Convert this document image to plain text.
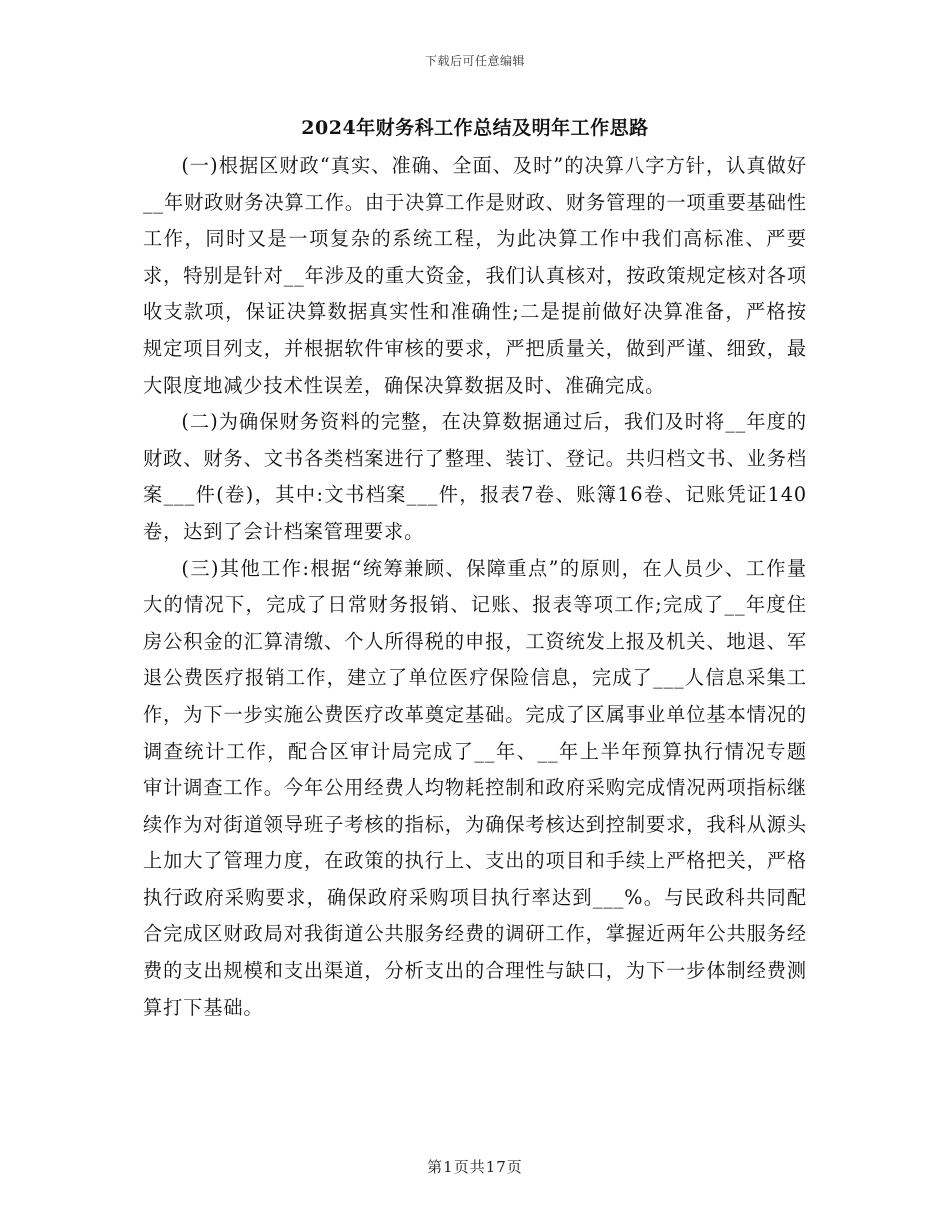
下载后可任意编辑
2024年财务科工作总结及明年工作思路

(一)根据区财政“真实、准确、全面、及时”的决算八字方针，认真做好__年财政财务决算工作。由于决算工作是财政、财务管理的一项重要基础性工作，同时又是一项复杂的系统工程，为此决算工作中我们高标准、严要求，特别是针对__年涉及的重大资金，我们认真核对，按政策规定核对各项收支款项，保证决算数据真实性和准确性;二是提前做好决算准备，严格按规定项目列支，并根据软件审核的要求，严把质量关，做到严谨、细致，最大限度地减少技术性误差，确保决算数据及时、准确完成。

(二)为确保财务资料的完整，在决算数据通过后，我们及时将__年度的财政、财务、文书各类档案进行了整理、装订、登记。共归档文书、业务档案___件(卷)，其中:文书档案___件，报表7卷、账簿16卷、记账凭证140卷，达到了会计档案管理要求。

(三)其他工作:根据“统筹兼顾、保障重点”的原则，在人员少、工作量大的情况下，完成了日常财务报销、记账、报表等项工作;完成了__年度住房公积金的汇算清缴、个人所得税的申报，工资统发上报及机关、地退、军退公费医疗报销工作，建立了单位医疗保险信息，完成了___人信息采集工作，为下一步实施公费医疗改革奠定基础。完成了区属事业单位基本情况的调查统计工作，配合区审计局完成了__年、__年上半年预算执行情况专题审计调查工作。今年公用经费人均物耗控制和政府采购完成情况两项指标继续作为对街道领导班子考核的指标，为确保考核达到控制要求，我科从源头上加大了管理力度，在政策的执行上、支出的项目和手续上严格把关，严格执行政府采购要求，确保政府采购项目执行率达到___%。与民政科共同配合完成区财政局对我街道公共服务经费的调研工作，掌握近两年公共服务经费的支出规模和支出渠道，分析支出的合理性与缺口，为下一步体制经费测算打下基础。

第1页共17页
